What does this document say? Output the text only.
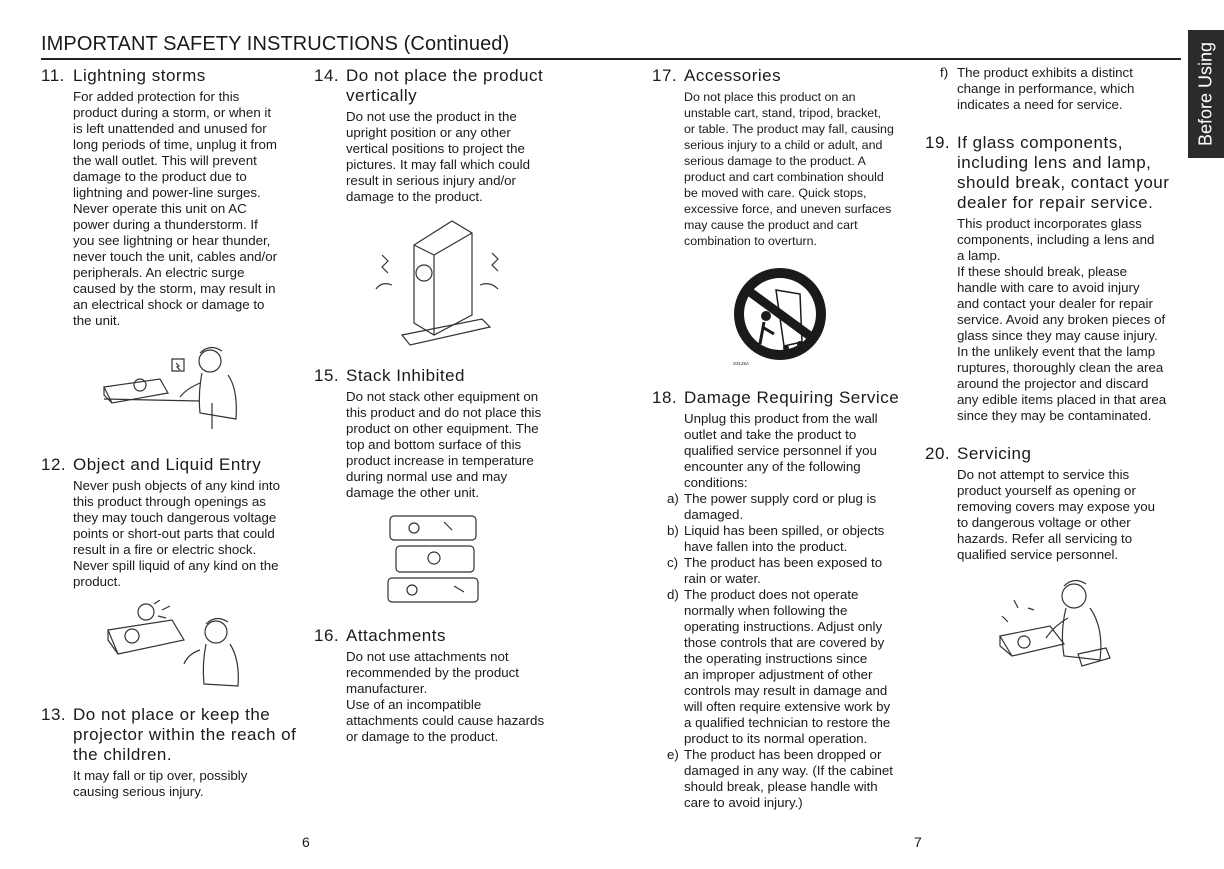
IMPORTANT SAFETY INSTRUCTIONS (Continued)	Before Using
11. Lightning storms
For added protection for this
product during a storm, or when it
is left unattended and unused for
long periods of time, unplug it from
the wall outlet. This will prevent
damage to the product due to
lightning and power-line surges.
Never operate this unit on AC
power during a thunderstorm. If
you see lightning or hear thunder,
never touch the unit, cables and/or
peripherals. An electric surge
caused by the storm, may result in
an electrical shock or damage to
the unit.
12. Object and Liquid Entry
Never push objects of any kind into
this product through openings as
they may touch dangerous voltage
points or short-out parts that could
result in a fire or electric shock.
Never spill liquid of any kind on the
product.
13. Do not place or keep the projector within the reach of the children.
It may fall or tip over, possibly
causing serious injury.
14. Do not place the product vertically
Do not use the product in the
upright position or any other
vertical positions to project the
pictures. It may fall which could
result in serious injury and/or
damage to the product.
15. Stack Inhibited
Do not stack other equipment on
this product and do not place this
product on other equipment. The
top and bottom surface of this
product increase in temperature
during normal use and may
damage the other unit.
16. Attachments
Do not use attachments not
recommended by the product
manufacturer.
Use of an incompatible
attachments could cause hazards
or damage to the product.
6
17. Accessories
Do not place this product on an
unstable cart, stand, tripod, bracket,
or table. The product may fall, causing
serious injury to a child or adult, and
serious damage to the product. A
product and cart combination should
be moved with care. Quick stops,
excessive force, and uneven surfaces
may cause the product and cart
combination to overturn.
S3125A
18. Damage Requiring Service
Unplug this product from the wall
outlet and take the product to
qualified service personnel if you
encounter any of the following
conditions:
a) The power supply cord or plug is
damaged.
b) Liquid has been spilled, or objects
have fallen into the product.
c) The product has been exposed to
rain or water.
d) The product does not operate
normally when following the
operating instructions. Adjust only
those controls that are covered by
the operating instructions since
an improper adjustment of other
controls may result in damage and
will often require extensive work by
a qualified technician to restore the
product to its normal operation.
e) The product has been dropped or
damaged in any way. (If the cabinet
should break, please handle with
care to avoid injury.)
7
f) The product exhibits a distinct
change in performance, which
indicates a need for service.
19. If glass components, including lens and lamp, should break, contact your dealer for repair service.
This product incorporates glass
components, including a lens and
a lamp.
If these should break, please
handle with care to avoid injury
and contact your dealer for repair
service. Avoid any broken pieces of
glass since they may cause injury.
In the unlikely event that the lamp
ruptures, thoroughly clean the area
around the projector and discard
any edible items placed in that area
since they may be contaminated.
20. Servicing
Do not attempt to service this
product yourself as opening or
removing covers may expose you
to dangerous voltage or other
hazards. Refer all servicing to
qualified service personnel.
